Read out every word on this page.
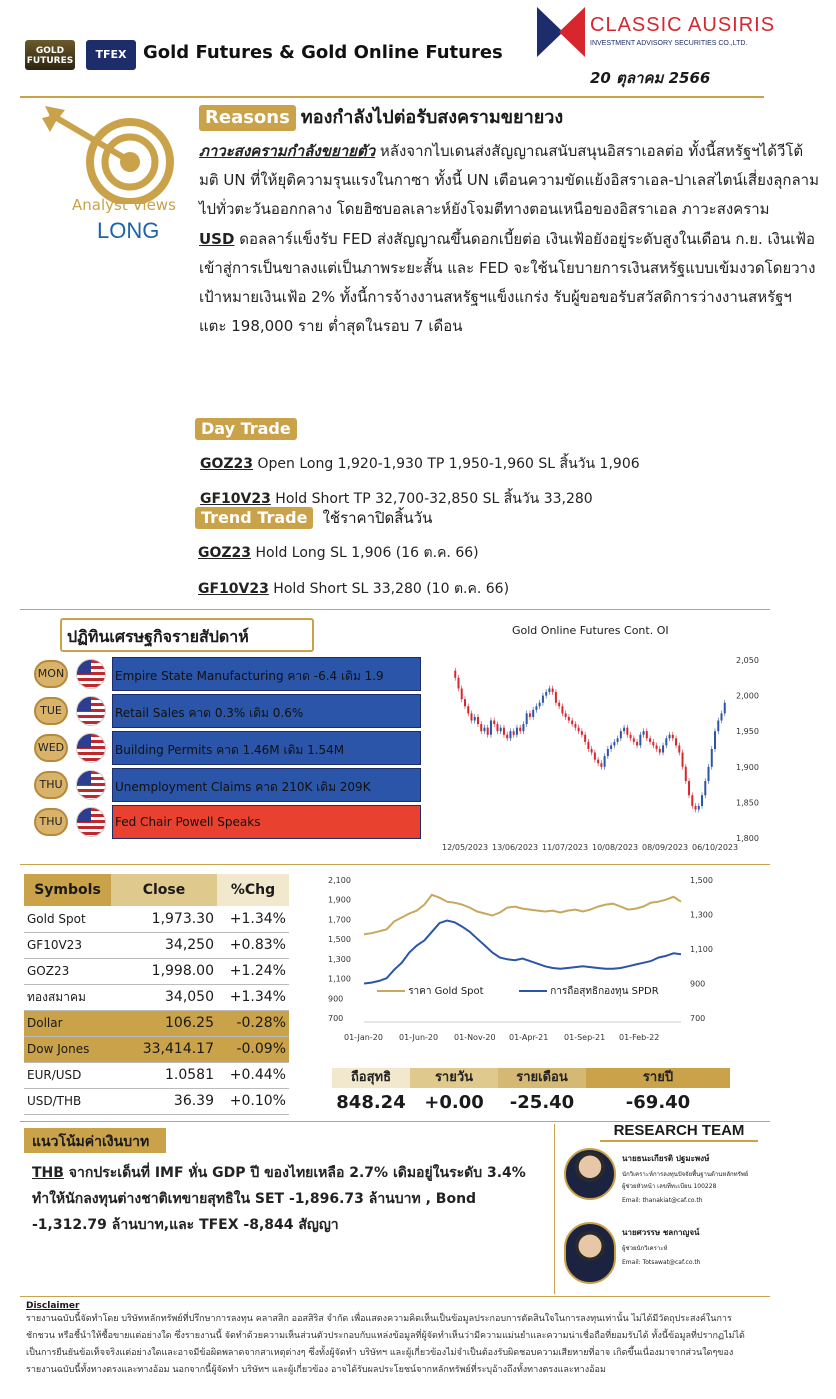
GOLD FUTURES	TFEX Gold Futures & Gold Online Futures
CLASSIC AUSIRIS
INVESTMENT ADVISORY SECURITIES CO.,LTD.
20 ตุลาคม 2566
Analyst Views
LONG
Reasons ทองกำลังไปต่อรับสงครามขยายวง

ภาวะสงครามกำลังขยายตัว หลังจากไบเดนส่งสัญญาณสนับสนุนอิสราเอลต่อ ทั้งนี้สหรัฐฯได้วีโต้มติ UN ที่ให้ยุติความรุนแรงในกาซา ทั้งนี้ UN เตือนความขัดแย้งอิสราเอล-ปาเลสไตน์เสี่ยงลุกลามไปทั่วตะวันออกกลาง โดยฮิซบอลเลาะห์ยังโจมตีทางตอนเหนือของอิสราเอล ภาวะสงคราม

USD ดอลลาร์แข็งรับ FED ส่งสัญญาณขึ้นดอกเบี้ยต่อ เงินเฟ้อยังอยู่ระดับสูงในเดือน ก.ย. เงินเฟ้อเข้าสู่การเป็นขาลงแต่เป็นภาพระยะสั้น และ FED จะใช้นโยบายการเงินสหรัฐแบบเข้มงวดโดยวางเป้าหมายเงินเฟ้อ 2% ทั้งนี้การจ้างงานสหรัฐฯแข็งแกร่ง รับผู้ขอขอรับสวัสดิการว่างงานสหรัฐฯแตะ 198,000 ราย ต่ำสุดในรอบ 7 เดือน

Day Trade
GOZ23 Open Long 1,920-1,930 TP 1,950-1,960 SL สิ้นวัน 1,906
GF10V23 Hold Short TP 32,700-32,850 SL สิ้นวัน 33,280
Trend Trade ใช้ราคาปิดสิ้นวัน
GOZ23 Hold Long SL 1,906 (16 ต.ค. 66)
GF10V23 Hold Short SL 33,280 (10 ต.ค. 66)
ปฏิทินเศรษฐกิจรายสัปดาห์
MON	Empire State Manufacturing คาด -6.4 เดิม 1.9
TUE	Retail Sales คาด 0.3% เดิม 0.6%
WED	Building Permits คาด 1.46M เดิม 1.54M
THU	Unemployment Claims คาด 210K เดิม 209K
THU	Fed Chair Powell Speaks
Gold Online Futures Cont. OI
2,050
2,000
1,950
1,900
1,850
1,800
12/05/2023 13/06/2023 11/07/2023 10/08/2023 08/09/2023 06/10/2023
Symbols	Close	%Chg
Gold Spot	1,973.30	+1.34%
GF10V23	34,250	+0.83%
GOZ23	1,998.00	+1.24%
ทองสมาคม	34,050	+1.34%
Dollar	106.25	-0.28%
Dow Jones	33,414.17	-0.09%
EUR/USD	1.0581	+0.44%
USD/THB	36.39	+0.10%
2,100
1,900
1,700
1,500
1,300
1,100
900
700
1,500
1,300
1,100
900
700
01-Jan-20 01-Jun-20 01-Nov-20 01-Apr-21 01-Sep-21 01-Feb-22
ราคา Gold Spot	การถือสุทธิกองทุน SPDR
ถือสุทธิ	รายวัน	รายเดือน	รายปี
848.24	+0.00	-25.40	-69.40
แนวโน้มค่าเงินบาท

THB จากประเด็นที่ IMF หั่น GDP ปี ของไทยเหลือ 2.7% เดิมอยู่ในระดับ 3.4% ทำให้นักลงทุนต่างชาติเทขายสุทธิใน SET -1,896.73 ล้านบาท , Bond -1,312.79 ล้านบาท,และ TFEX -8,844 สัญญา

RESEARCH TEAM
นายธนะเกียรติ ปฐมะพงษ์
นักวิเคราะห์การลงทุนปัจจัยพื้นฐานด้านหลักทรัพย์
ผู้ช่วยหัวหน้า เลขที่ทะเบียน 100228
Email: thanakiat@caf.co.th
นายศวรรษ ชลกาญจน์
ผู้ช่วยนักวิเคราะห์
Email: Totsawat@caf.co.th
Disclaimer

รายงานฉบับนี้จัดทำโดย บริษัทหลักทรัพย์ที่ปรึกษาการลงทุน คลาสสิก ออสสิริส จำกัด เพื่อแสดงความคิดเห็นเป็นข้อมูลประกอบการตัดสินใจในการลงทุนเท่านั้น ไม่ได้มีวัตถุประสงค์ในการชักชวน หรือชี้นำให้ซื้อขายแต่อย่างใด ซึ่งรายงานนี้ จัดทำด้วยความเห็นส่วนตัวประกอบกับแหล่งข้อมูลที่ผู้จัดทำเห็นว่ามีความแม่นยำและความน่าเชื่อถือที่ยอมรับได้ ทั้งนี้ข้อมูลที่ปรากฏไม่ได้เป็นการยืนยันข้อเท็จจริงแต่อย่างใดและอาจมีข้อผิดพลาดจากสาเหตุต่างๆ ซึ่งทั้งผู้จัดทำ บริษัทฯ และผู้เกี่ยวข้องไม่จำเป็นต้องรับผิดชอบความเสียหายที่อาจ เกิดขึ้นเนื่องมาจากส่วนใดๆของรายงานฉบับนี้ทั้งทางตรงและทางอ้อม นอกจากนี้ผู้จัดทำ บริษัทฯ และผู้เกี่ยวข้อง อาจได้รับผลประโยชน์จากหลักทรัพย์ที่ระบุอ้างถึงทั้งทางตรงและทางอ้อม
